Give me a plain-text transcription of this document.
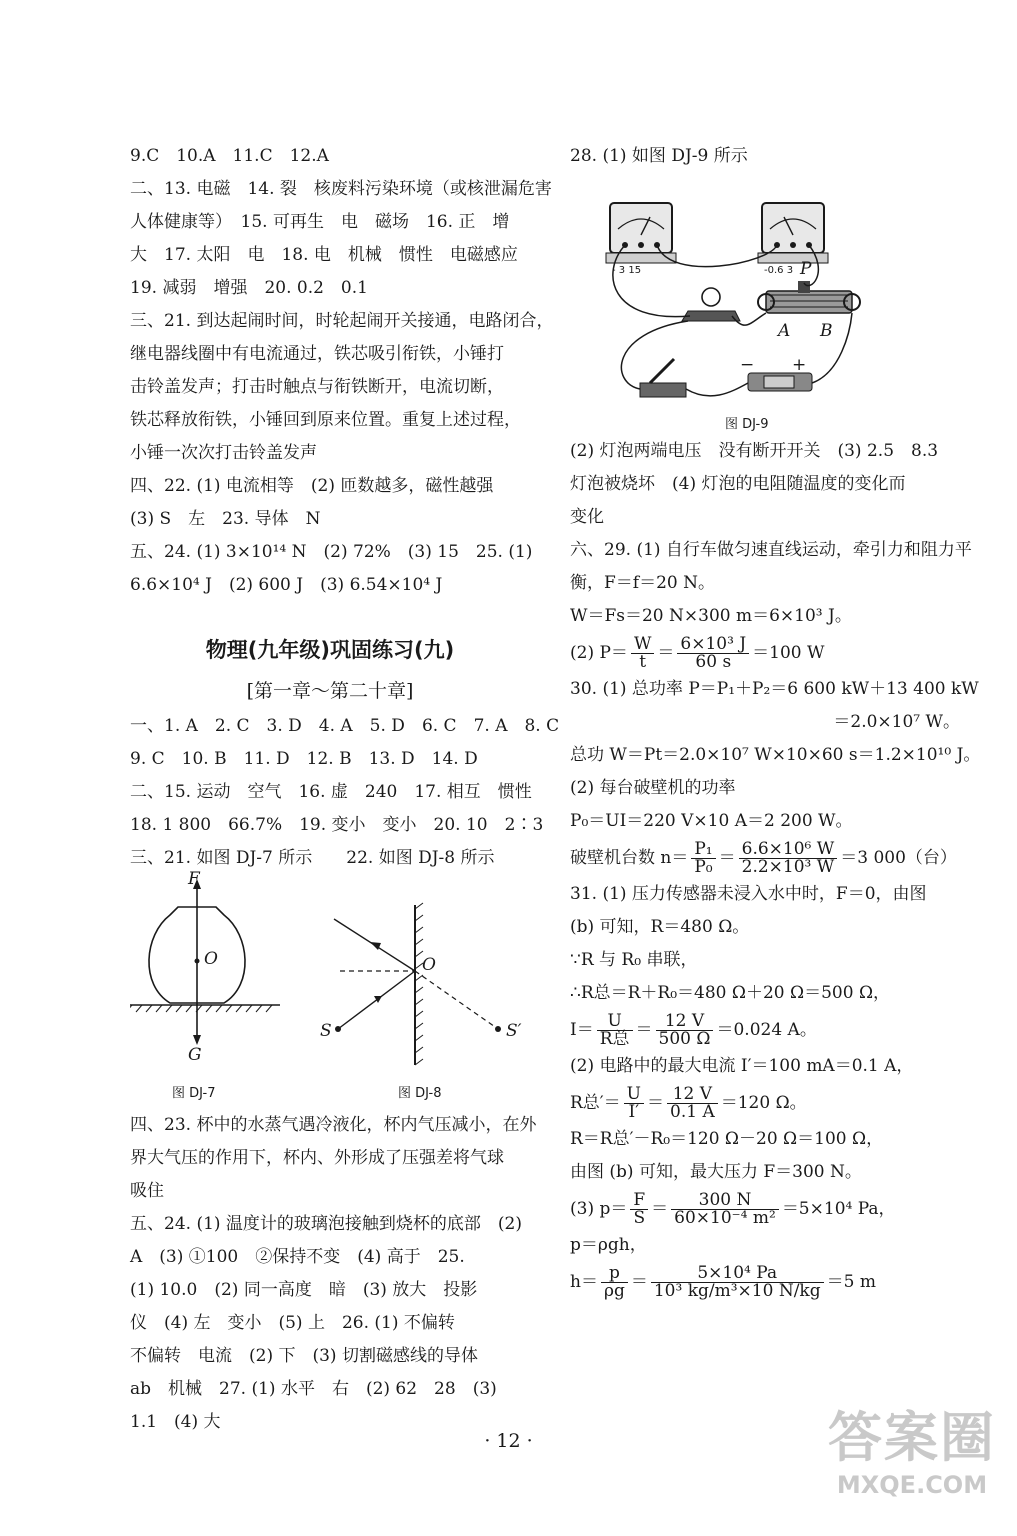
9.C　10.A　11.C　12.A
二、13. 电磁　14. 裂　核废料污染环境（或核泄漏危害
人体健康等）　15. 可再生　电　磁场　16. 正　增
大　17. 太阳　电　18. 电　机械　惯性　电磁感应
19. 减弱　增强　20. 0.2　0.1
三、21. 到达起闹时间，时轮起闹开关接通，电路闭合，
继电器线圈中有电流通过，铁芯吸引衔铁，小锤打
击铃盖发声；打击时触点与衔铁断开，电流切断，
铁芯释放衔铁，小锤回到原来位置。重复上述过程，
小锤一次次打击铃盖发声
四、22. (1) 电流相等　(2) 匝数越多，磁性越强
(3) S　左　23. 导体　N
五、24. (1) 3×10¹⁴ N　(2) 72%　(3) 15　25. (1)
6.6×10⁴ J　(2) 600 J　(3) 6.54×10⁴ J
物理(九年级)巩固练习(九)
[第一章～第二十章]
一、1. A　2. C　3. D　4. A　5. D　6. C　7. A　8. C
9. C　10. B　11. D　12. B　13. D　14. D
二、15. 运动　空气　16. 虚　240　17. 相互　惯性
18. 1 800　66.7%　19. 变小　变小　20. 10　2∶3
三、21. 如图 DJ-7 所示　　22. 如图 DJ-8 所示
F
O
G
图 DJ-7
O
S	S′
图 DJ-8
四、23. 杯中的水蒸气遇冷液化，杯内气压减小，在外
界大气压的作用下，杯内、外形成了压强差将气球
吸住
五、24. (1) 温度计的玻璃泡接触到烧杯的底部　(2)
A　(3) ①100　②保持不变　(4) 高于　25.
(1) 10.0　(2) 同一高度　暗　(3) 放大　投影
仪　(4) 左　变小　(5) 上　26. (1) 不偏转
不偏转　电流　(2) 下　(3) 切割磁感线的导体
ab　机械　27. (1) 水平　右　(2) 62　28　(3)
1.1　(4) 大
28. (1) 如图 DJ-9 所示
- 3 15	-0.6 3 P
A B
− +
图 DJ-9
(2) 灯泡两端电压　没有断开开关　(3) 2.5　8.3
灯泡被烧坏　(4) 灯泡的电阻随温度的变化而
变化
六、29. (1) 自行车做匀速直线运动，牵引力和阻力平
衡，F＝f＝20 N。
W＝Fs＝20 N×300 m＝6×10³ J。
(2) $P= \frac{W}{t} = \frac{\text{6×10³ J}}{60 s} =100$ W
30. (1) 总功率 P＝P₁＋P₂＝6 600 kW＋13 400 kW
＝2.0×10⁷ W。
总功 W＝Pt＝2.0×10⁷ W×10×60 s＝1.2×10¹⁰ J。
(2) 每台破壁机的功率
P₀＝UI＝220 V×10 A＝2 200 W。
破壁机台数 $n= \frac{\text{P₁}}{\text{P₀}} = \frac{\text{6.6×10⁶ W}}{\text{2.2×10³ W}} =3$ 000（台）
31. (1) 压力传感器未浸入水中时，F＝0，由图
(b) 可知，R＝480 Ω。
∵R 与 R₀ 串联，
∴R总＝R＋R₀＝480 Ω＋20 Ω＝500 Ω，
$I= \frac{U}{\text{R总}} = \frac{12 V}{500 \Omega} =0.024$ A。
(2) 电路中的最大电流 I′＝100 mA＝0.1 A，
R总′＝ $\frac{U}{I'} = \frac{12 V}{0.1 A} =120$ Ω。
R＝R总′－R₀＝120 Ω－20 Ω＝100 Ω，
由图 (b) 可知，最大压力 F＝300 N。
(3) $p= \frac{F}{S} = \frac{300 N}{\text{60×10⁻⁴ m²}} =5\times 10^4$ Pa，
p＝ρgh，
$h= \frac{p}{\rho g} = \frac{\text{5×10⁴ Pa}}{\text{10³ kg/m³×10 N/kg}} =5$ m
· 12 ·	答案圈
MXQE.COM
